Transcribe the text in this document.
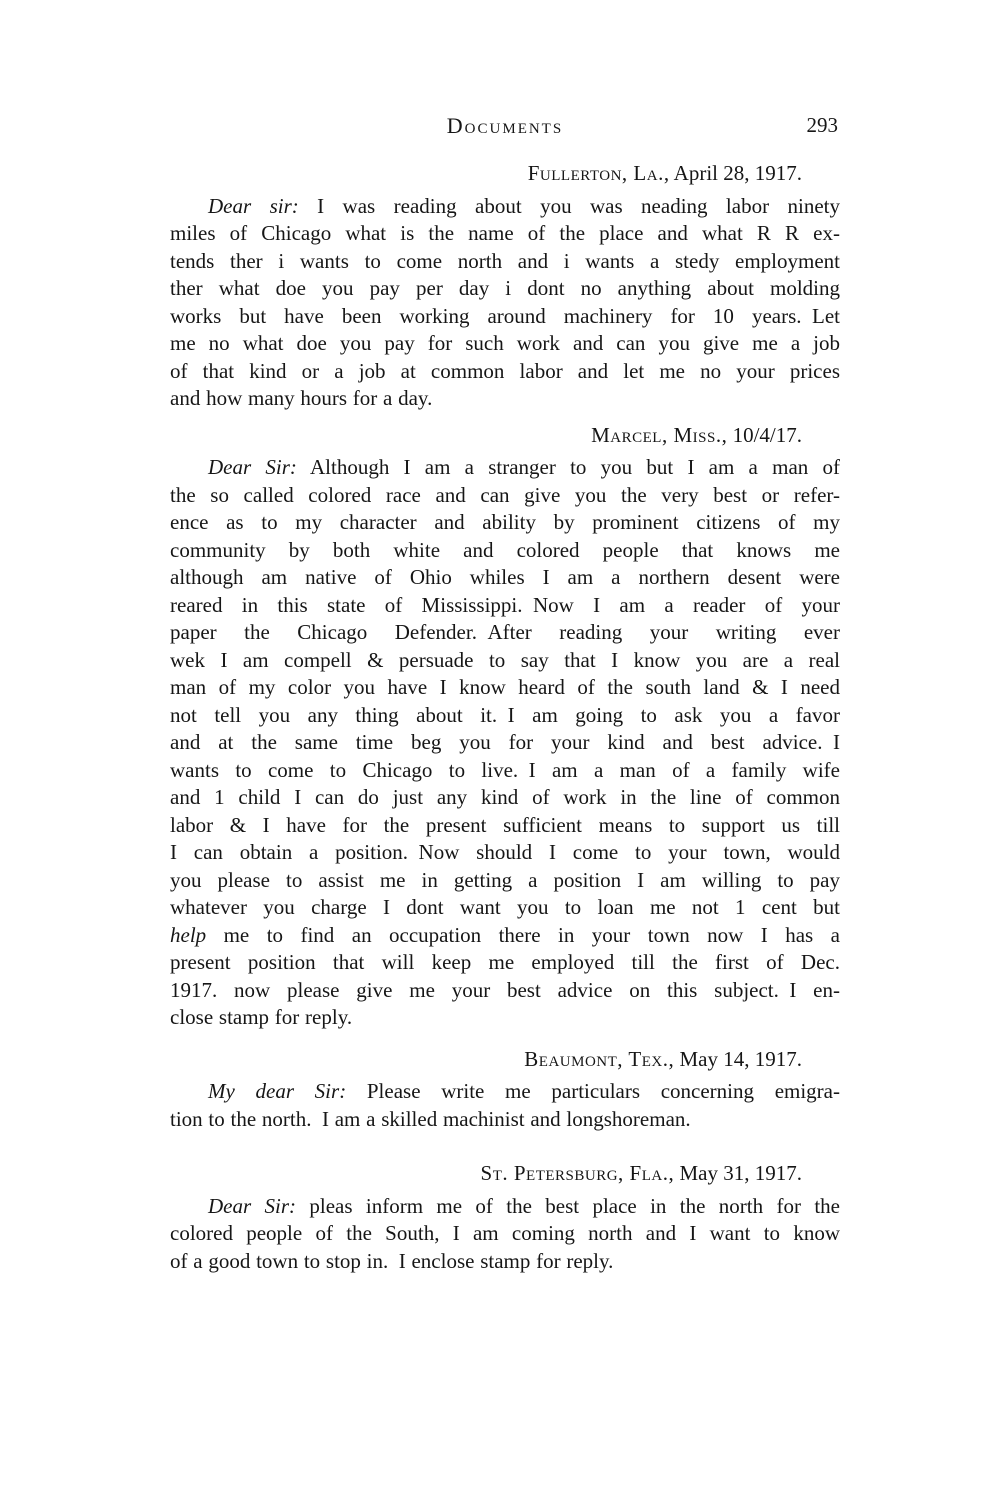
Documents	293
Fullerton, La., April 28, 1917.
Dear sir: I was reading about you was neading labor ninety
miles of Chicago what is the name of the place and what R R ex-
tends ther i wants to come north and i wants a stedy employment
ther what doe you pay per day i dont no anything about molding
works but have been working around machinery for 10 years. Let
me no what doe you pay for such work and can you give me a job
of that kind or a job at common labor and let me no your prices
and how many hours for a day.
Marcel, Miss., 10/4/17.
Dear Sir: Although I am a stranger to you but I am a man of
the so called colored race and can give you the very best or refer-
ence as to my character and ability by prominent citizens of my
community by both white and colored people that knows me
although am native of Ohio whiles I am a northern desent were
reared in this state of Mississippi. Now I am a reader of your
paper the Chicago Defender. After reading your writing ever
wek I am compell & persuade to say that I know you are a real
man of my color you have I know heard of the south land & I need
not tell you any thing about it. I am going to ask you a favor
and at the same time beg you for your kind and best advice. I
wants to come to Chicago to live. I am a man of a family wife
and 1 child I can do just any kind of work in the line of common
labor & I have for the present sufficient means to support us till
I can obtain a position. Now should I come to your town, would
you please to assist me in getting a position I am willing to pay
whatever you charge I dont want you to loan me not 1 cent but
help me to find an occupation there in your town now I has a
present position that will keep me employed till the first of Dec.
1917. now please give me your best advice on this subject. I en-
close stamp for reply.
Beaumont, Tex., May 14, 1917.
My dear Sir: Please write me particulars concerning emigra-
tion to the north. I am a skilled machinist and longshoreman.
St. Petersburg, Fla., May 31, 1917.
Dear Sir: pleas inform me of the best place in the north for the
colored people of the South, I am coming north and I want to know
of a good town to stop in. I enclose stamp for reply.
